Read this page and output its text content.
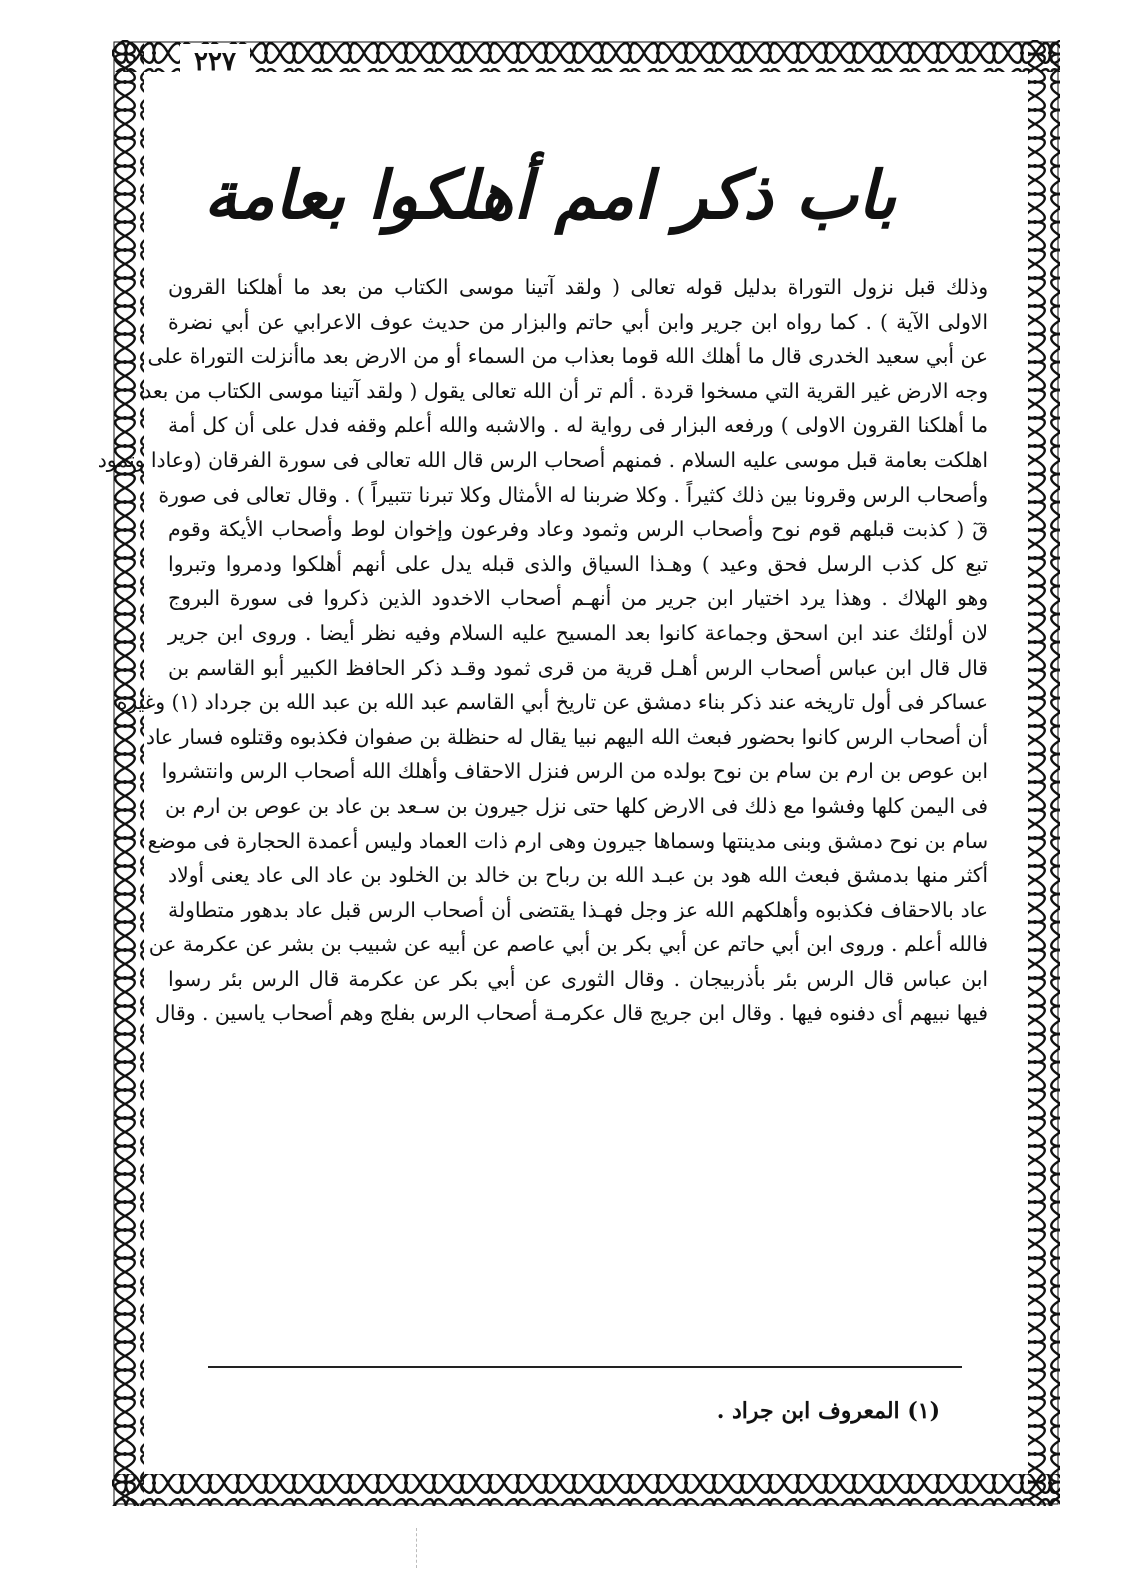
٢٢٧
باب ذكر امم أهلكوا بعامة
وذلك قبل نزول التوراة بدليل قوله تعالى ( ولقد آتينا موسى الكتاب من بعد ما أهلكنا القرون
الاولى الآية ) . كما رواه ابن جرير وابن أبي حاتم والبزار من حديث عوف الاعرابي عن أبي نضرة
عن أبي سعيد الخدرى قال ما أهلك الله قوما بعذاب من السماء أو من الارض بعد ماأنزلت التوراة على
وجه الارض غير القرية التي مسخوا قردة . ألم تر أن الله تعالى يقول ( ولقد آتينا موسى الكتاب من بعد
ما أهلكنا القرون الاولى ) ورفعه البزار فى رواية له . والاشبه والله أعلم وقفه فدل على أن كل أمة
اهلكت بعامة قبل موسى عليه السلام . فمنهم أصحاب الرس قال الله تعالى فى سورة الفرقان (وعادا وثمود
وأصحاب الرس وقرونا بين ذلك كثيراً . وكلا ضربنا له الأمثال وكلا تبرنا تتبيراً ) . وقال تعالى فى صورة
قٓ ( كذبت قبلهم قوم نوح وأصحاب الرس وثمود وعاد وفرعون وإخوان لوط وأصحاب الأيكة وقوم
تبع كل كذب الرسل فحق وعيد ) وهـذا السياق والذى قبله يدل على أنهم أهلكوا ودمروا وتبروا
وهو الهلاك . وهذا يرد اختيار ابن جرير من أنهـم أصحاب الاخدود الذين ذكروا فى سورة البروج
لان أولئك عند ابن اسحق وجماعة كانوا بعد المسيح عليه السلام وفيه نظر أيضا . وروى ابن جرير
قال قال ابن عباس أصحاب الرس أهـل قرية من قرى ثمود وقـد ذكر الحافظ الكبير أبو القاسم بن
عساكر فى أول تاريخه عند ذكر بناء دمشق عن تاريخ أبي القاسم عبد الله بن عبد الله بن جرداد (١) وغيره
أن أصحاب الرس كانوا بحضور فبعث الله اليهم نبيا يقال له حنظلة بن صفوان فكذبوه وقتلوه فسار عاد
ابن عوص بن ارم بن سام بن نوح بولده من الرس فنزل الاحقاف وأهلك الله أصحاب الرس وانتشروا
فى اليمن كلها وفشوا مع ذلك فى الارض كلها حتى نزل جيرون بن سـعد بن عاد بن عوص بن ارم بن
سام بن نوح دمشق وبنى مدينتها وسماها جيرون وهى ارم ذات العماد وليس أعمدة الحجارة فى موضع
أكثر منها بدمشق فبعث الله هود بن عبـد الله بن رباح بن خالد بن الخلود بن عاد الى عاد يعنى أولاد
عاد بالاحقاف فكذبوه وأهلكهم الله عز وجل فهـذا يقتضى أن أصحاب الرس قبل عاد بدهور متطاولة
فالله أعلم . وروى ابن أبي حاتم عن أبي بكر بن أبي عاصم عن أبيه عن شبيب بن بشر عن عكرمة عن
ابن عباس قال الرس بئر بأذربيجان . وقال الثورى عن أبي بكر عن عكرمة قال الرس بئر رسوا
فيها نبيهم أى دفنوه فيها . وقال ابن جريج قال عكرمـة أصحاب الرس بفلج وهم أصحاب ياسين . وقال
(١) المعروف ابن جراد .
